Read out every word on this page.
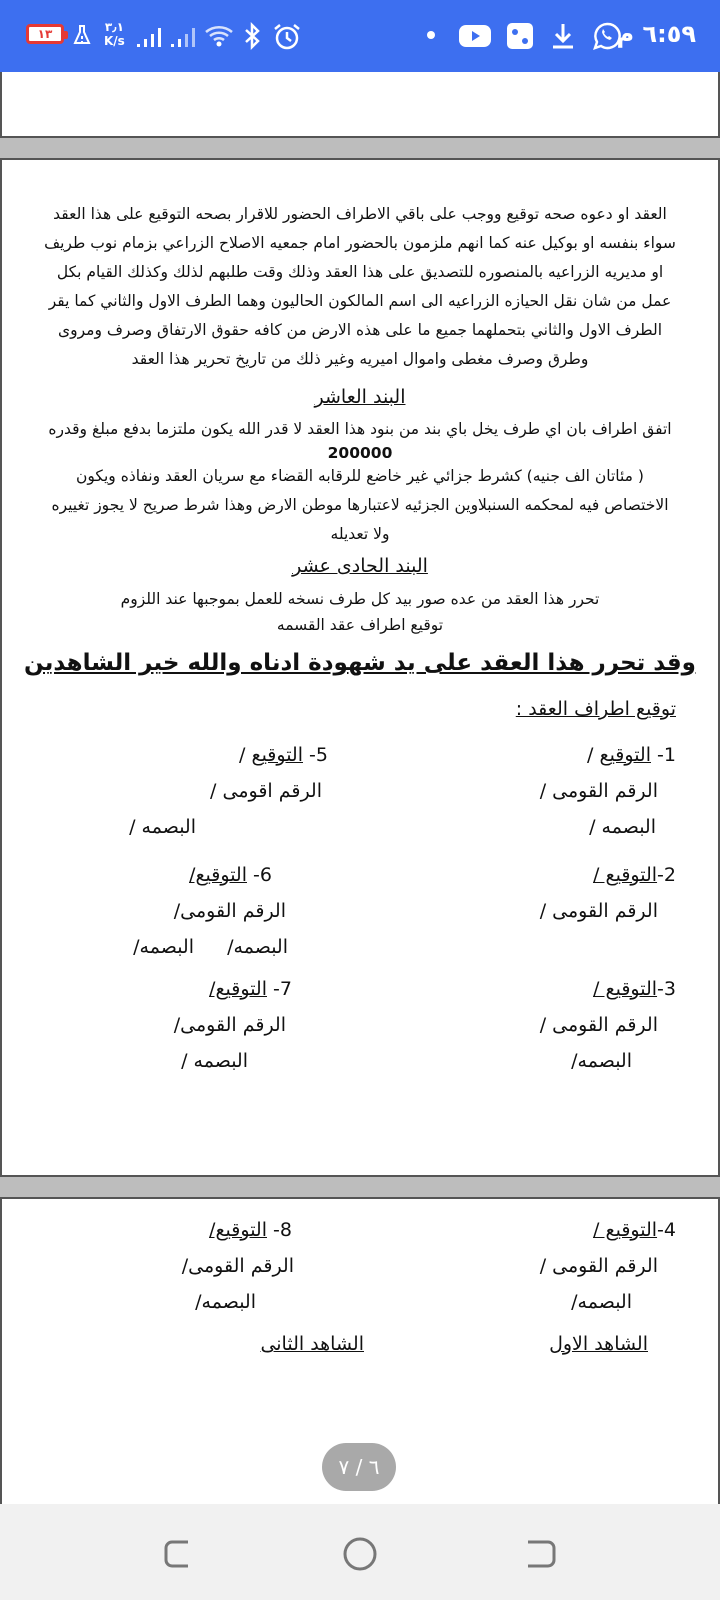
١٣	٣٫١
K/s	٦:٥٩ م

العقد او دعوه صحه توقيع ووجب على باقي الاطراف الحضور للاقرار بصحه التوقيع على هذا العقد سواء بنفسه او بوكيل عنه كما انهم ملزمون بالحضور امام جمعيه الاصلاح الزراعي بزمام نوب طريف او مديريه الزراعيه بالمنصوره للتصديق على هذا العقد وذلك وقت طلبهم لذلك وكذلك القيام بكل عمل من شان نقل الحيازه الزراعيه الى اسم المالكون الحاليون وهما الطرف الاول والثاني كما يقر الطرف الاول والثاني بتحملهما جميع ما على هذه الارض من كافه حقوق الارتفاق وصرف ومروى وطرق وصرف مغطى واموال اميريه وغير ذلك من تاريخ تحرير هذا العقد

البند العاشر

اتفق اطراف بان اي طرف يخل باي بند من بنود هذا العقد لا قدر الله يكون ملتزما بدفع مبلغ وقدره

200000

( مئاتان الف جنيه) كشرط جزائي غير خاضع للرقابه القضاء مع سريان العقد ونفاذه ويكون الاختصاص فيه لمحكمه السنبلاوين الجزئيه لاعتبارها موطن الارض وهذا شرط صريح لا يجوز تغييره ولا تعديله

البند الحادى عشر

تحرر هذا العقد من عده صور بيد كل طرف نسخه للعمل بموجبها عند اللزوم

توقيع اطراف عقد القسمه

وقد تحرر هذا العقد على يد شهودة ادناه والله خير الشاهدين

توقيع اطراف العقد :
1- التوقيع /
الرقم القومى /
البصمه /
2-التوقيع /
الرقم القومى /
3-التوقيع /
الرقم القومى /
البصمه/
5- التوقيع /
الرقم اقومى /
البصمه /
6- التوقيع/
الرقم القومى/
البصمه/
البصمه/
7- التوقيع/
الرقم القومى/
البصمه /
4-التوقيع /
الرقم القومى /
البصمه/
8- التوقيع/
الرقم القومى/
البصمه/
الشاهد الاول
الشاهد الثانى
٦ / ٧
